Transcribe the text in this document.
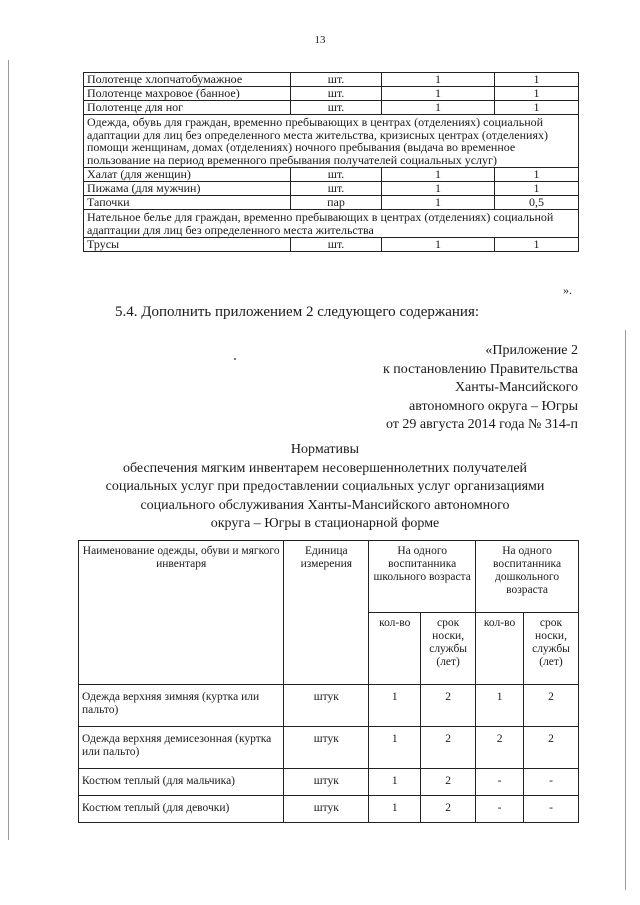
13
Полотенце хлопчатобумажное	шт.	1	1
Полотенце махровое (банное)	шт.	1	1
Полотенце для ног	шт.	1	1
Одежда, обувь для граждан, временно пребывающих в центрах (отделениях) социальной адаптации для лиц без определенного места жительства, кризисных центрах (отделениях) помощи женщинам, домах (отделениях) ночного пребывания (выдача во временное пользование на период временного пребывания получателей социальных услуг)			
Халат (для женщин)	шт.	1	1
Пижама (для мужчин)	шт.	1	1
Тапочки	пар	1	0,5
Нательное белье для граждан, временно пребывающих в центрах (отделениях) социальной адаптации для лиц без определенного места жительства			
Трусы	шт.	1	1
».
5.4. Дополнить приложением 2 следующего содержания:
«Приложение 2
к постановлению Правительства
Ханты-Мансийского
автономного округа – Югры
от 29 августа 2014 года № 314-п
Нормативы
обеспечения мягким инвентарем несовершеннолетних получателей
социальных услуг при предоставлении социальных услуг организациями
социального обслуживания Ханты-Мансийского автономного
округа – Югры в стационарной форме
Наименование одежды, обуви и мягкого инвентаря	Единица измерения	На одного воспитанника школьного возраста		На одного воспитанника дошкольного возраста	
		кол-во	срок носки, службы (лет)	кол-во	срок носки, службы (лет)
Одежда верхняя зимняя (куртка или пальто)	штук	1	2	1	2
Одежда верхняя демисезонная (куртка или пальто)	штук	1	2	2	2
Костюм теплый (для мальчика)	штук	1	2	-	-
Костюм теплый (для девочки)	штук	1	2	-	-
